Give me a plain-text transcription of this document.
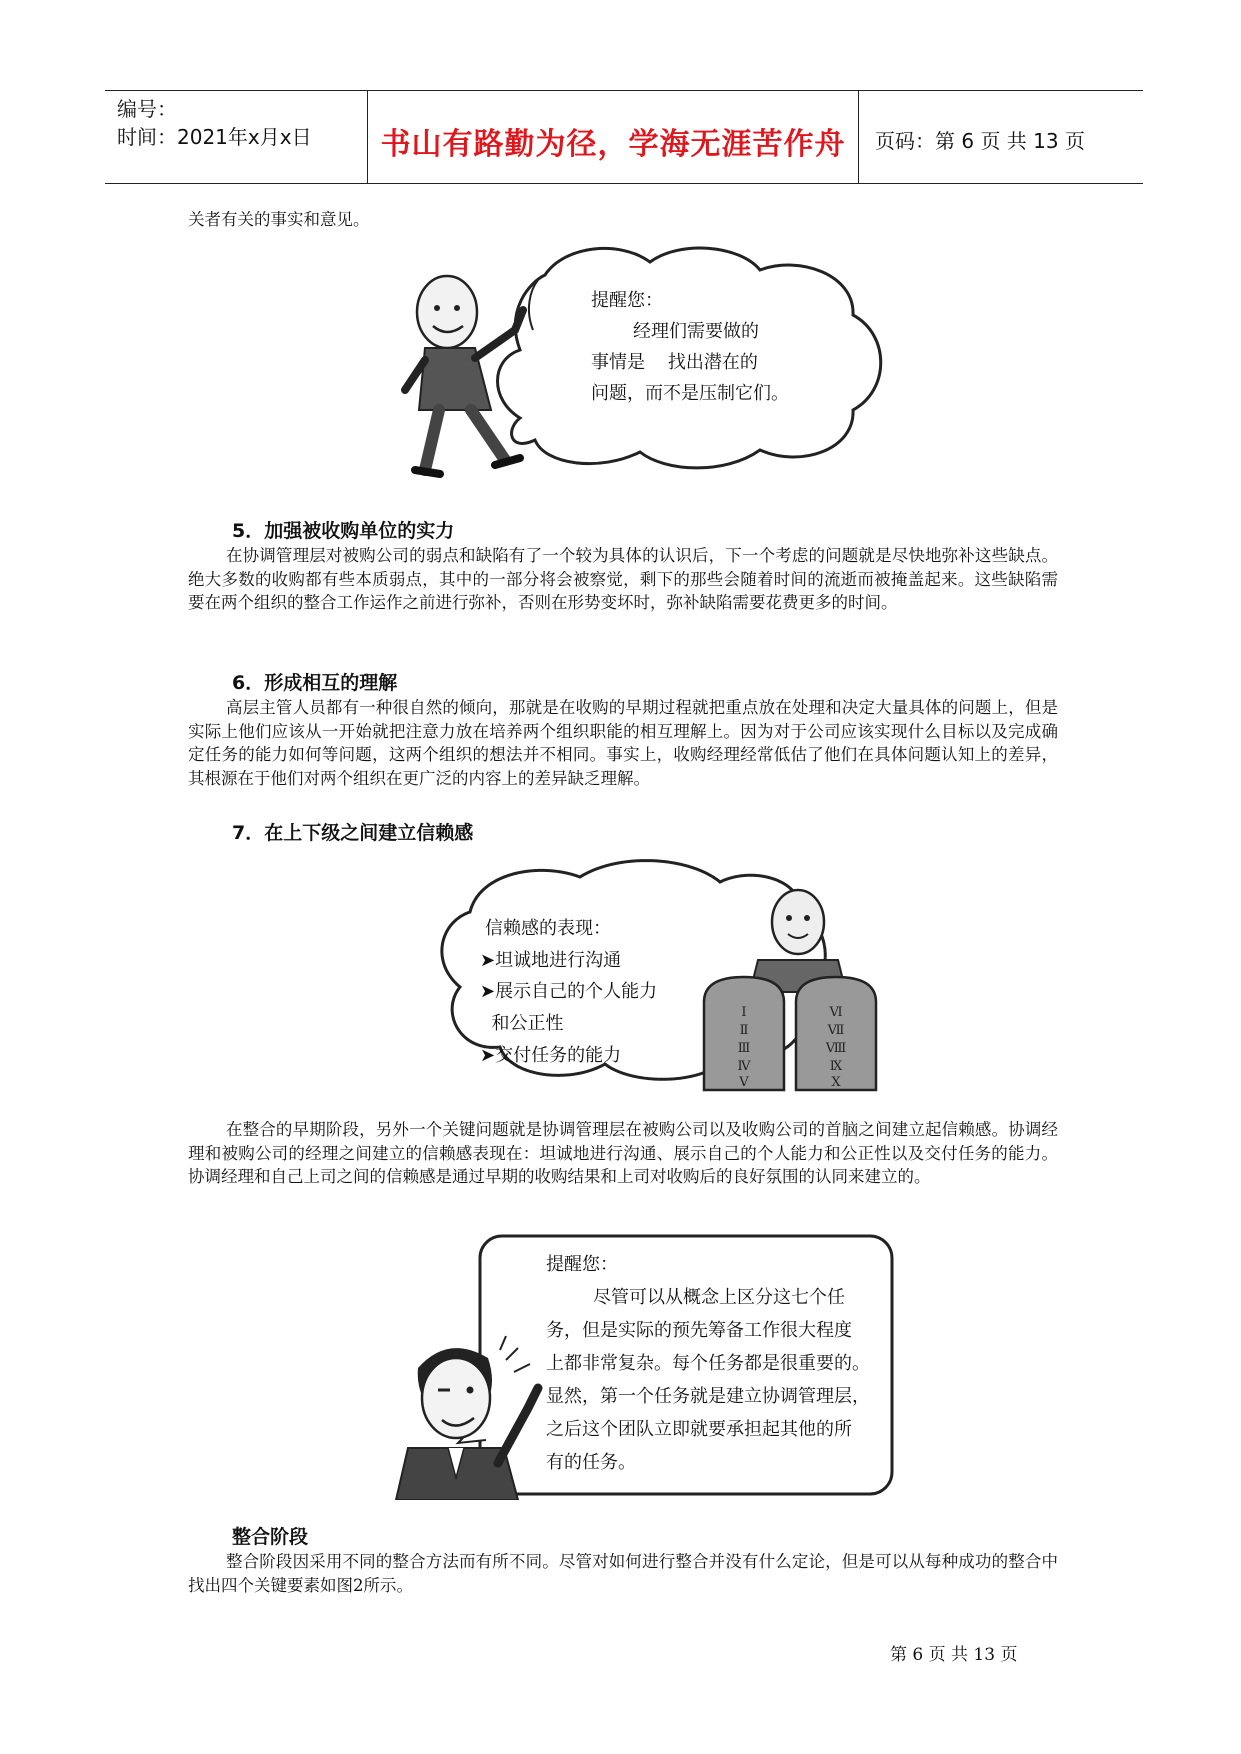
编号：
时间：2021年x月x日	书山有路勤为径，学海无涯苦作舟	页码：第 6 页 共 13 页
关者有关的事实和意见。
提醒您：
经理们需要做的
事情是    找出潜在的
问题，而不是压制它们。
5．加强被收购单位的实力
在协调管理层对被购公司的弱点和缺陷有了一个较为具体的认识后，下一个考虑的问题就是尽快地弥补这些缺点。绝大多数的收购都有些本质弱点，其中的一部分将会被察觉，剩下的那些会随着时间的流逝而被掩盖起来。这些缺陷需要在两个组织的整合工作运作之前进行弥补，否则在形势变坏时，弥补缺陷需要花费更多的时间。
6．形成相互的理解
高层主管人员都有一种很自然的倾向，那就是在收购的早期过程就把重点放在处理和决定大量具体的问题上，但是实际上他们应该从一开始就把注意力放在培养两个组织职能的相互理解上。因为对于公司应该实现什么目标以及完成确定任务的能力如何等问题，这两个组织的想法并不相同。事实上，收购经理经常低估了他们在具体问题认知上的差异，其根源在于他们对两个组织在更广泛的内容上的差异缺乏理解。
7．在上下级之间建立信赖感
Ⅰ
Ⅱ
Ⅲ
Ⅳ
Ⅴ
Ⅵ
Ⅶ
Ⅷ
Ⅸ
Ⅹ
信赖感的表现：
➤坦诚地进行沟通
➤展示自己的个人能力
和公正性
➤交付任务的能力
在整合的早期阶段，另外一个关键问题就是协调管理层在被购公司以及收购公司的首脑之间建立起信赖感。协调经理和被购公司的经理之间建立的信赖感表现在：坦诚地进行沟通、展示自己的个人能力和公正性以及交付任务的能力。协调经理和自己上司之间的信赖感是通过早期的收购结果和上司对收购后的良好氛围的认同来建立的。
提醒您：
尽管可以从概念上区分这七个任
务，但是实际的预先筹备工作很大程度
上都非常复杂。每个任务都是很重要的。
显然，第一个任务就是建立协调管理层，
之后这个团队立即就要承担起其他的所
有的任务。
整合阶段
整合阶段因采用不同的整合方法而有所不同。尽管对如何进行整合并没有什么定论，但是可以从每种成功的整合中找出四个关键要素如图2所示。
第 6 页 共 13 页
